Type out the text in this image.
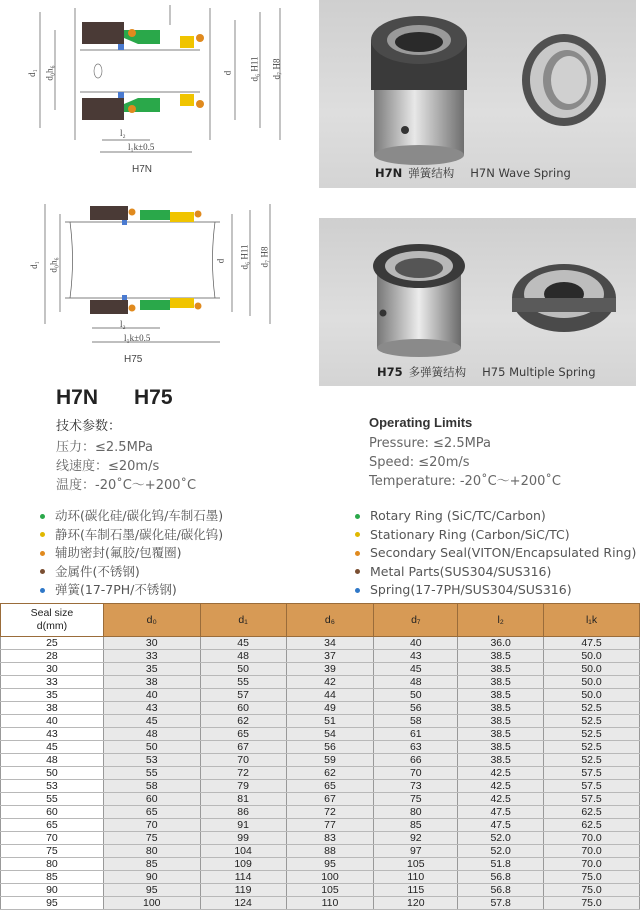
d₁ d₀h₆	d d₆ H11 d₇ H8
l₂
l₁k±0.5
H7N
d₁ d₀h₆	d d₆ H11 d₇ H8
l₂
l₁k±0.5
H75
H7N 弹簧结构 H7N Wave Spring
H75 多弹簧结构 H75 Multiple Spring
H7N H75
技术参数：
压力：≤2.5MPa
线速度：≤20m/s
温度：-20˚C～+200˚C
Operating Limits
Pressure: ≤2.5MPa
Speed: ≤20m/s
Temperature: -20˚C～+200˚C
动环(碳化硅/碳化钨/车制石墨)
静环(车制石墨/碳化硅/碳化钨)
辅助密封(氟胶/包覆圈)
金属件(不锈钢)
弹簧(17-7PH/不锈钢)
Rotary Ring (SiC/TC/Carbon)
Stationary Ring (Carbon/SiC/TC)
Secondary Seal(VITON/Encapsulated Ring)
Metal Parts(SUS304/SUS316)
Spring(17-7PH/SUS304/SUS316)
Seal size
d(mm)	d₀	d₁	d₆	d₇	l₂	l₁k
25	30	45	34	40	36.0	47.5
28	33	48	37	43	38.5	50.0
30	35	50	39	45	38.5	50.0
33	38	55	42	48	38.5	50.0
35	40	57	44	50	38.5	50.0
38	43	60	49	56	38.5	52.5
40	45	62	51	58	38.5	52.5
43	48	65	54	61	38.5	52.5
45	50	67	56	63	38.5	52.5
48	53	70	59	66	38.5	52.5
50	55	72	62	70	42.5	57.5
53	58	79	65	73	42.5	57.5
55	60	81	67	75	42.5	57.5
60	65	86	72	80	47.5	62.5
65	70	91	77	85	47.5	62.5
70	75	99	83	92	52.0	70.0
75	80	104	88	97	52.0	70.0
80	85	109	95	105	51.8	70.0
85	90	114	100	110	56.8	75.0
90	95	119	105	115	56.8	75.0
95	100	124	110	120	57.8	75.0
